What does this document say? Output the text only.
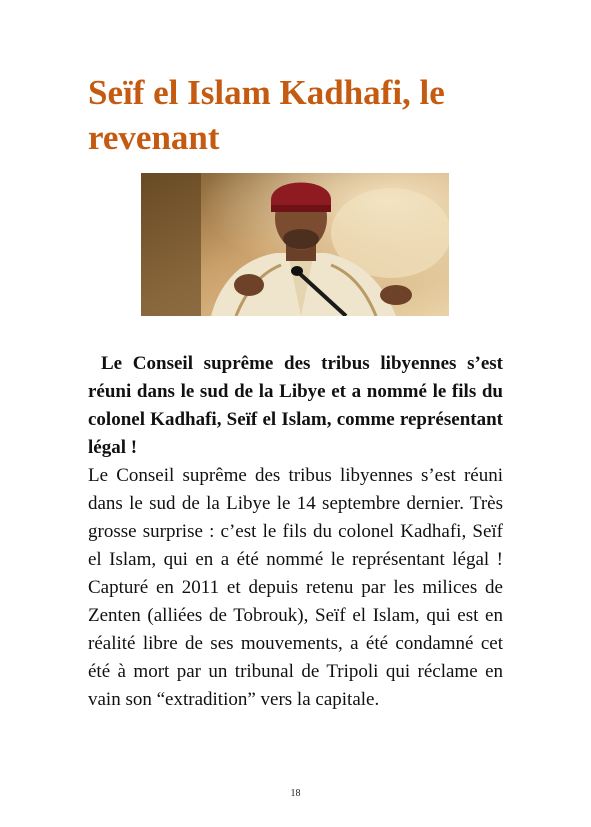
Seïf el Islam Kadhafi, le revenant

Le Conseil suprême des tribus libyennes s’est réuni dans le sud de la Libye et a nommé le fils du colonel Kadhafi, Seïf el Islam, comme représentant légal !

Le Conseil suprême des tribus libyennes s’est réuni dans le sud de la Libye le 14 septembre dernier. Très grosse surprise : c’est le fils du colonel Kadhafi, Seïf el Islam, qui en a été nommé le représentant légal ! Capturé en 2011 et depuis retenu par les milices de Zenten (alliées de Tobrouk), Seïf el Islam, qui est en réalité libre de ses mouvements, a été condamné cet été à mort par un tribunal de Tripoli qui réclame en vain son “extradition” vers la capitale.

18
